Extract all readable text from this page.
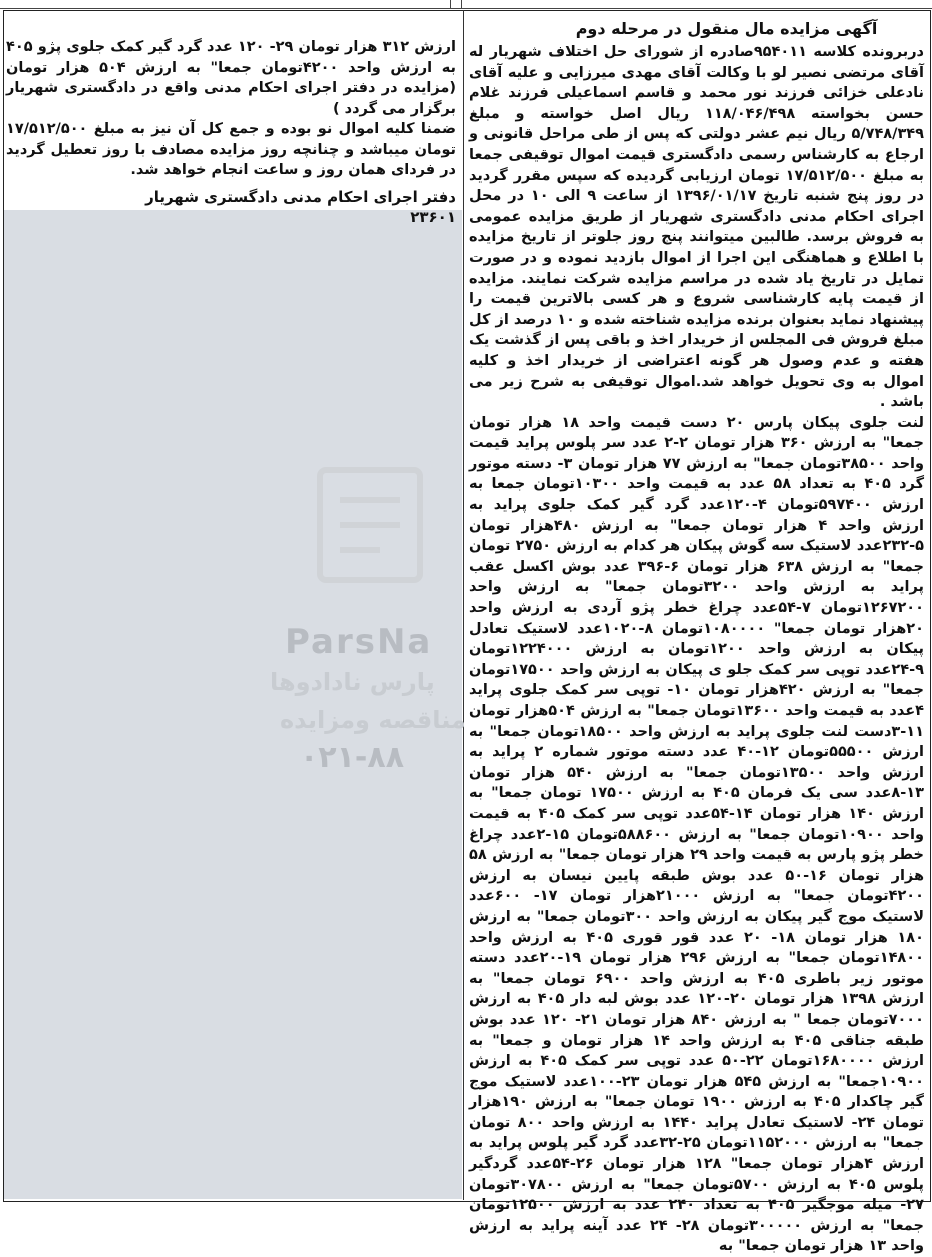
ارزش ۳۱۲ هزار تومان ۲۹- ۱۲۰ عدد گرد گیر کمک جلوی پژو ۴۰۵ به ارزش واحد ۴۲۰۰تومان جمعا" به ارزش ۵۰۴ هزار تومان (مزایده در دفتر اجرای احکام مدنی واقع در دادگستری شهریار برگزار می گردد )

ضمنا کلیه اموال نو بوده و جمع کل آن نیز به مبلغ ۱۷/۵۱۲/۵۰۰ تومان میباشد و چنانچه روز مزایده مصادف با روز تعطیل گردید در فردای همان روز و ساعت انجام خواهد شد.

دفتر اجرای احکام مدنی دادگستری شهریار

۲۳۶۰۱

آگهی مزایده مال منقول در مرحله دوم

دربرونده کلاسه ۹۵۴۰۱۱صادره از شورای حل اختلاف شهریار له آقای مرتضی نصیر لو با وکالت آقای مهدی میرزایی و علیه آقای نادعلی خزائی فرزند نور محمد و قاسم اسماعیلی فرزند غلام حسن بخواسته ۱۱۸/۰۴۶/۴۹۸ ریال اصل خواسته و مبلغ ۵/۷۴۸/۳۴۹ ریال نیم عشر دولتی که پس از طی مراحل قانونی و ارجاع به کارشناس رسمی دادگستری قیمت اموال توقیفی جمعا به مبلغ ۱۷/۵۱۲/۵۰۰ تومان ارزیابی گردیده که سپس مقرر گردید در روز پنج شنبه تاریخ ۱۳۹۶/۰۱/۱۷ از ساعت ۹ الی ۱۰ در محل اجرای احکام مدنی دادگستری شهریار از طریق مزایده عمومی به فروش برسد. طالبین میتوانند پنج روز جلوتر از تاریخ مزایده با اطلاع و هماهنگی این اجرا از اموال بازدید نموده و در صورت تمایل در تاریخ یاد شده در مراسم مزایده شرکت نمایند. مزایده از قیمت پایه کارشناسی شروع و هر کسی بالاترین قیمت را پیشنهاد نماید بعنوان برنده مزایده شناخته شده و ۱۰ درصد از کل مبلغ فروش فی المجلس از خریدار اخذ و باقی پس از گذشت یک هفته و عدم وصول هر گونه اعتراضی از خریدار اخذ و کلیه اموال به وی تحویل خواهد شد.اموال توقیفی به شرح زیر می باشد .

لنت جلوی پیکان پارس ۲۰ دست قیمت واحد ۱۸ هزار تومان جمعا" به ارزش ۳۶۰ هزار تومان ۲-۲ عدد سر پلوس پراید قیمت واحد ۳۸۵۰۰تومان جمعا" به ارزش ۷۷ هزار تومان ۳- دسته موتور گرد ۴۰۵ به تعداد ۵۸ عدد به قیمت واحد ۱۰۳۰۰تومان جمعا به ارزش ۵۹۷۴۰۰تومان ۴-۱۲۰عدد گرد گیر کمک جلوی پراید به ارزش واحد ۴ هزار تومان جمعا" به ارزش ۴۸۰هزار تومان ۵-۲۳۲عدد لاستیک سه گوش پیکان هر کدام به ارزش ۲۷۵۰ تومان جمعا" به ارزش ۶۳۸ هزار تومان ۶-۳۹۶ عدد بوش اکسل عقب پراید به ارزش واحد ۳۲۰۰تومان جمعا" به ارزش واحد ۱۲۶۷۲۰۰تومان ۷-۵۴عدد چراغ خطر پژو آردی به ارزش واحد ۲۰هزار تومان جمعا" ۱۰۸۰۰۰۰تومان ۸-۱۰۲۰عدد لاستیک تعادل پیکان به ارزش واحد ۱۲۰۰تومان به ارزش ۱۲۲۴۰۰۰تومان ۹-۲۴عدد توپی سر کمک جلو ی پیکان به ارزش واحد ۱۷۵۰۰تومان جمعا" به ارزش ۴۲۰هزار تومان ۱۰- توپی سر کمک جلوی پراید ۴عدد به قیمت واحد ۱۳۶۰۰تومان جمعا" به ارزش ۵۰۴هزار تومان ۱۱-۳دست لنت جلوی پراید به ارزش واحد ۱۸۵۰۰تومان جمعا" به ارزش ۵۵۵۰۰تومان ۱۲-۴۰ عدد دسته موتور شماره ۲ پراید به ارزش واحد ۱۳۵۰۰تومان جمعا" به ارزش ۵۴۰ هزار تومان ۱۳-۸عدد سی یک فرمان ۴۰۵ به ارزش ۱۷۵۰۰ تومان جمعا" به ارزش ۱۴۰ هزار تومان ۱۴-۵۴عدد توپی سر کمک ۴۰۵ به قیمت واحد ۱۰۹۰۰تومان جمعا" به ارزش ۵۸۸۶۰۰تومان ۱۵-۲عدد چراغ خطر پژو پارس به قیمت واحد ۲۹ هزار تومان جمعا" به ارزش ۵۸ هزار تومان ۱۶-۵۰ عدد بوش طبقه پایین نیسان به ارزش ۴۲۰۰تومان جمعا" به ارزش ۲۱۰۰۰هزار تومان ۱۷- ۶۰۰عدد لاستیک موج گیر پیکان به ارزش واحد ۳۰۰تومان جمعا" به ارزش ۱۸۰ هزار تومان ۱۸- ۲۰ عدد قور قوری ۴۰۵ به ارزش واحد ۱۴۸۰۰تومان جمعا" به ارزش ۲۹۶ هزار تومان ۱۹-۲۰عدد دسته موتور زیر باطری ۴۰۵ به ارزش واحد ۶۹۰۰ تومان جمعا" به ارزش ۱۳۹۸ هزار تومان ۲۰-۱۲۰ عدد بوش لبه دار ۴۰۵ به ارزش ۷۰۰۰تومان جمعا " به ارزش ۸۴۰ هزار تومان ۲۱- ۱۲۰ عدد بوش طبقه جناقی ۴۰۵ به ارزش واحد ۱۴ هزار تومان و جمعا" به ارزش ۱۶۸۰۰۰۰تومان ۲۲-۵۰ عدد توپی سر کمک ۴۰۵ به ارزش ۱۰۹۰۰جمعا" به ارزش ۵۴۵ هزار تومان ۲۳-۱۰۰عدد لاستیک موج گیر چاکدار ۴۰۵ به ارزش ۱۹۰۰ تومان جمعا" به ارزش ۱۹۰هزار تومان ۲۴- لاستیک تعادل پراید ۱۴۴۰ به ارزش واحد ۸۰۰ تومان جمعا" به ارزش ۱۱۵۲۰۰۰تومان ۲۵-۳۲عدد گرد گیر پلوس پراید به ارزش ۴هزار تومان جمعا" ۱۲۸ هزار تومان ۲۶-۵۴عدد گردگیر پلوس ۴۰۵ به ارزش ۵۷۰۰تومان جمعا" به ارزش ۳۰۷۸۰۰تومان ۲۷- میله موجگیر ۴۰۵ به تعداد ۲۴۰ عدد به ارزش ۱۲۵۰۰تومان جمعا" به ارزش ۳۰۰۰۰۰تومان ۲۸- ۲۴ عدد آینه پراید به ارزش واحد ۱۳ هزار تومان جمعا" به

ParsNa
پارس نادادوها
مناقصه ومزایده
۰۲۱-۸۸
